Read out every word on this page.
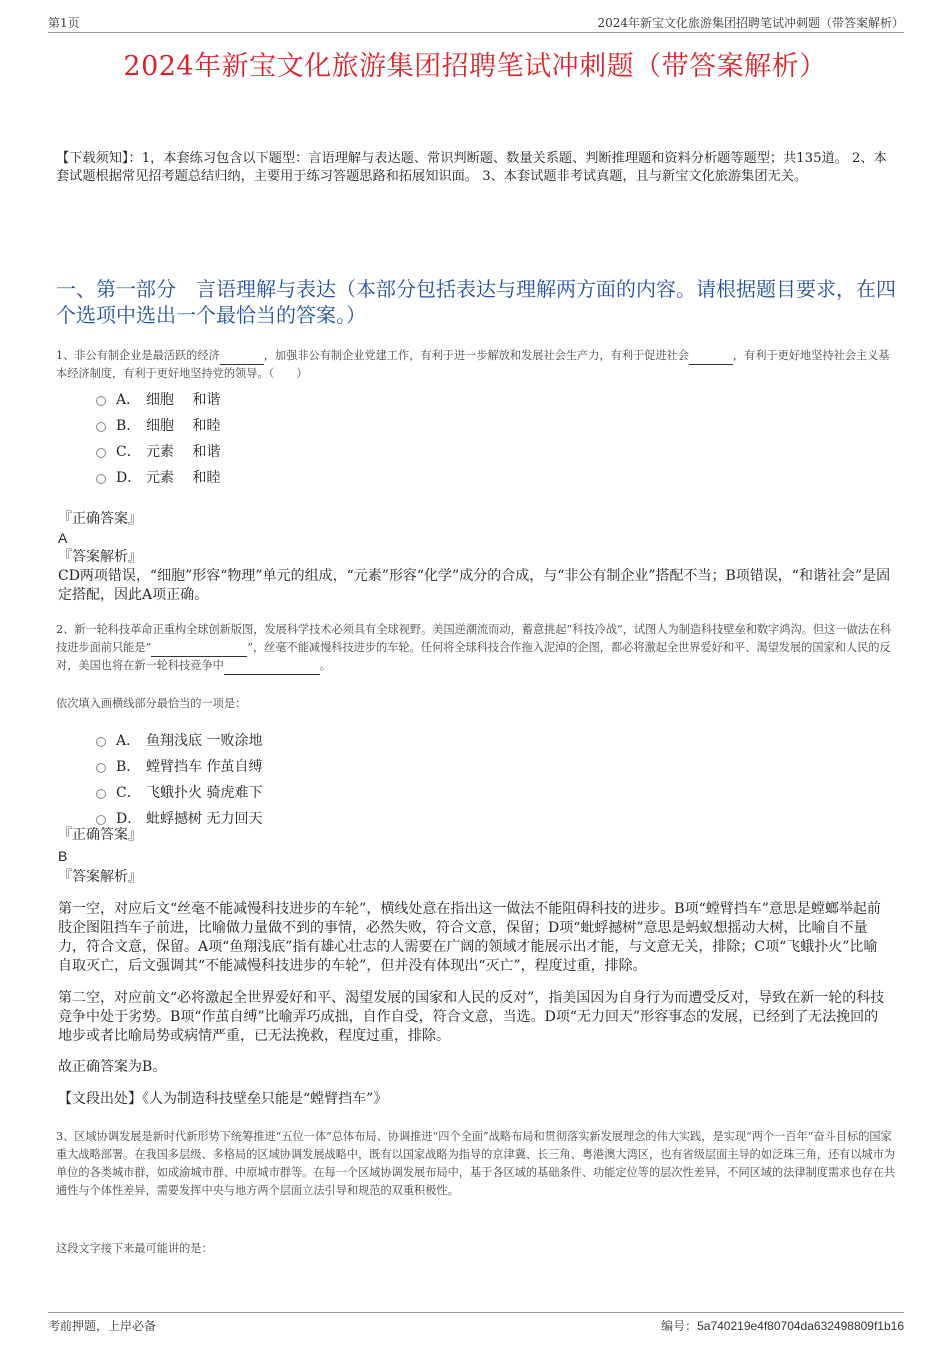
第1页	2024年新宝文化旅游集团招聘笔试冲刺题（带答案解析）
2024年新宝文化旅游集团招聘笔试冲刺题（带答案解析）
【下载须知】：1，本套练习包含以下题型：言语理解与表达题、常识判断题、数量关系题、判断推理题和资料分析题等题型；共135道。 2、本套试题根据常见招考题总结归纳，主要用于练习答题思路和拓展知识面。 3、本套试题非考试真题，且与新宝文化旅游集团无关。
一、第一部分　言语理解与表达（本部分包括表达与理解两方面的内容。请根据题目要求，在四个选项中选出一个最恰当的答案。）
1、非公有制企业是最活跃的经济	，加强非公有制企业党建工作，有利于进一步解放和发展社会生产力，有利于促进社会	，有利于更好地坚持社会主义基本经济制度，有利于更好地坚持党的领导。（　　）
A． 细胞　 和谐
B． 细胞　 和睦
C． 元素　 和谐
D． 元素　 和睦
『正确答案』
A
『答案解析』
CD两项错误，“细胞”形容“物理”单元的组成，“元素”形容“化学”成分的合成，与“非公有制企业”搭配不当；B项错误，“和谐社会”是固定搭配，因此A项正确。
2、新一轮科技革命正重构全球创新版图，发展科学技术必须具有全球视野。美国逆潮流而动，蓄意挑起“科技冷战”，试图人为制造科技壁垒和数字鸿沟。但这一做法在科技进步面前只能是“	”，丝毫不能减慢科技进步的车轮。任何将全球科技合作拖入泥淖的企图，都必将激起全世界爱好和平、渴望发展的国家和人民的反对，美国也将在新一轮科技竞争中	。
依次填入画横线部分最恰当的一项是：
A． 鱼翔浅底 一败涂地
B． 螳臂挡车 作茧自缚
C． 飞蛾扑火 骑虎难下
D． 蚍蜉撼树 无力回天
『正确答案』
B
『答案解析』
第一空，对应后文“丝毫不能减慢科技进步的车轮”，横线处意在指出这一做法不能阻碍科技的进步。B项“螳臂挡车”意思是螳螂举起前肢企图阻挡车子前进，比喻做力量做不到的事情，必然失败，符合文意，保留；D项“蚍蜉撼树”意思是蚂蚁想摇动大树，比喻自不量力，符合文意，保留。A项“鱼翔浅底”指有雄心壮志的人需要在广阔的领域才能展示出才能，与文意无关，排除；C项“飞蛾扑火”比喻自取灭亡，后文强调其“不能减慢科技进步的车轮”，但并没有体现出“灭亡”，程度过重，排除。
第二空，对应前文“必将激起全世界爱好和平、渴望发展的国家和人民的反对”，指美国因为自身行为而遭受反对，导致在新一轮的科技竞争中处于劣势。B项“作茧自缚”比喻弄巧成拙，自作自受，符合文意，当选。D项“无力回天”形容事态的发展，已经到了无法挽回的地步或者比喻局势或病情严重，已无法挽救，程度过重，排除。
故正确答案为B。
【文段出处】《人为制造科技壁垒只能是“螳臂挡车”》
3、区域协调发展是新时代新形势下统筹推进“五位一体”总体布局、协调推进“四个全面”战略布局和贯彻落实新发展理念的伟大实践，是实现“两个一百年”奋斗目标的国家重大战略部署。在我国多层级、多格局的区域协调发展战略中，既有以国家战略为指导的京津冀、长三角、粤港澳大湾区，也有省级层面主导的如泛珠三角，还有以城市为单位的各类城市群，如成渝城市群、中原城市群等。在每一个区域协调发展布局中，基于各区域的基础条件、功能定位等的层次性差异，不同区域的法律制度需求也存在共通性与个体性差异，需要发挥中央与地方两个层面立法引导和规范的双重积极性。
这段文字接下来最可能讲的是：
考前押题，上岸必备	编号：5a740219e4f80704da632498809f1b16
